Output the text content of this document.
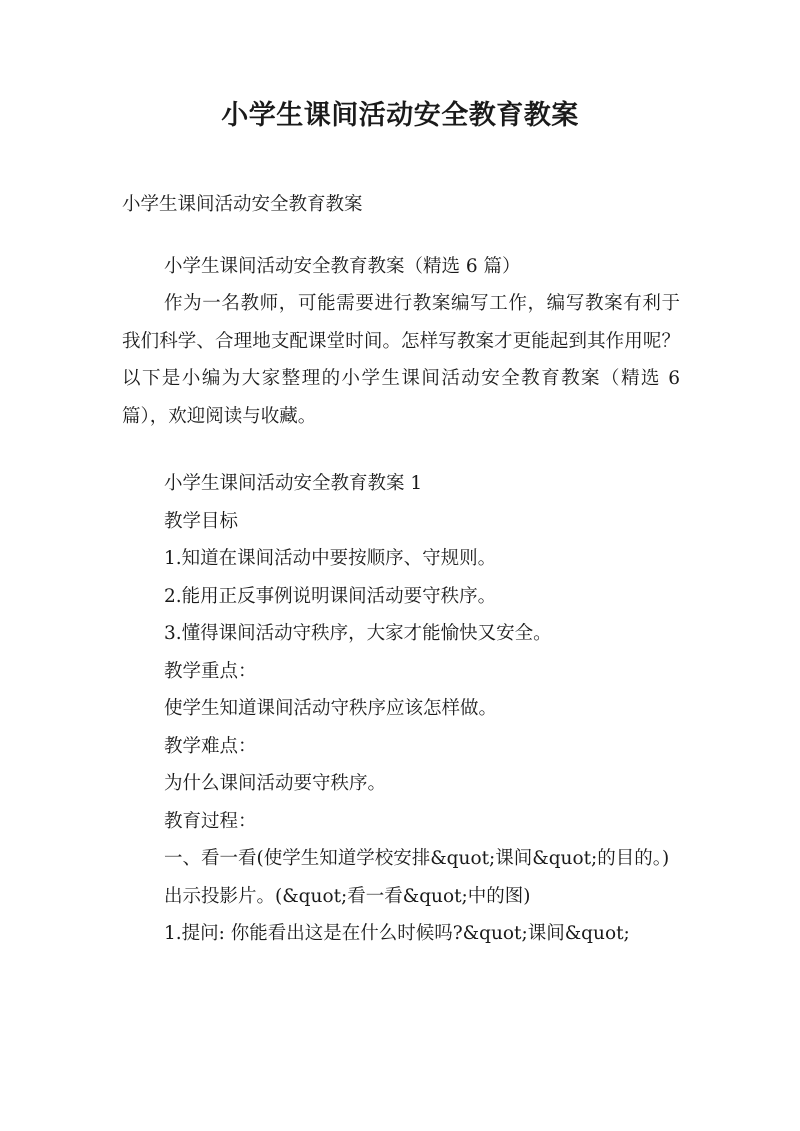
小学生课间活动安全教育教案

小学生课间活动安全教育教案

小学生课间活动安全教育教案（精选 6 篇）

作为一名教师，可能需要进行教案编写工作，编写教案有利于我们科学、合理地支配课堂时间。怎样写教案才更能起到其作用呢？以下是小编为大家整理的小学生课间活动安全教育教案（精选 6 篇），欢迎阅读与收藏。

小学生课间活动安全教育教案 1

教学目标

1.知道在课间活动中要按顺序、守规则。

2.能用正反事例说明课间活动要守秩序。

3.懂得课间活动守秩序，大家才能愉快又安全。

教学重点：

使学生知道课间活动守秩序应该怎样做。

教学难点：

为什么课间活动要守秩序。

教育过程：

一、看一看(使学生知道学校安排&quot;课间&quot;的目的。)

出示投影片。(&quot;看一看&quot;中的图)

1.提问: 你能看出这是在什么时候吗?&quot;课间&quot;
